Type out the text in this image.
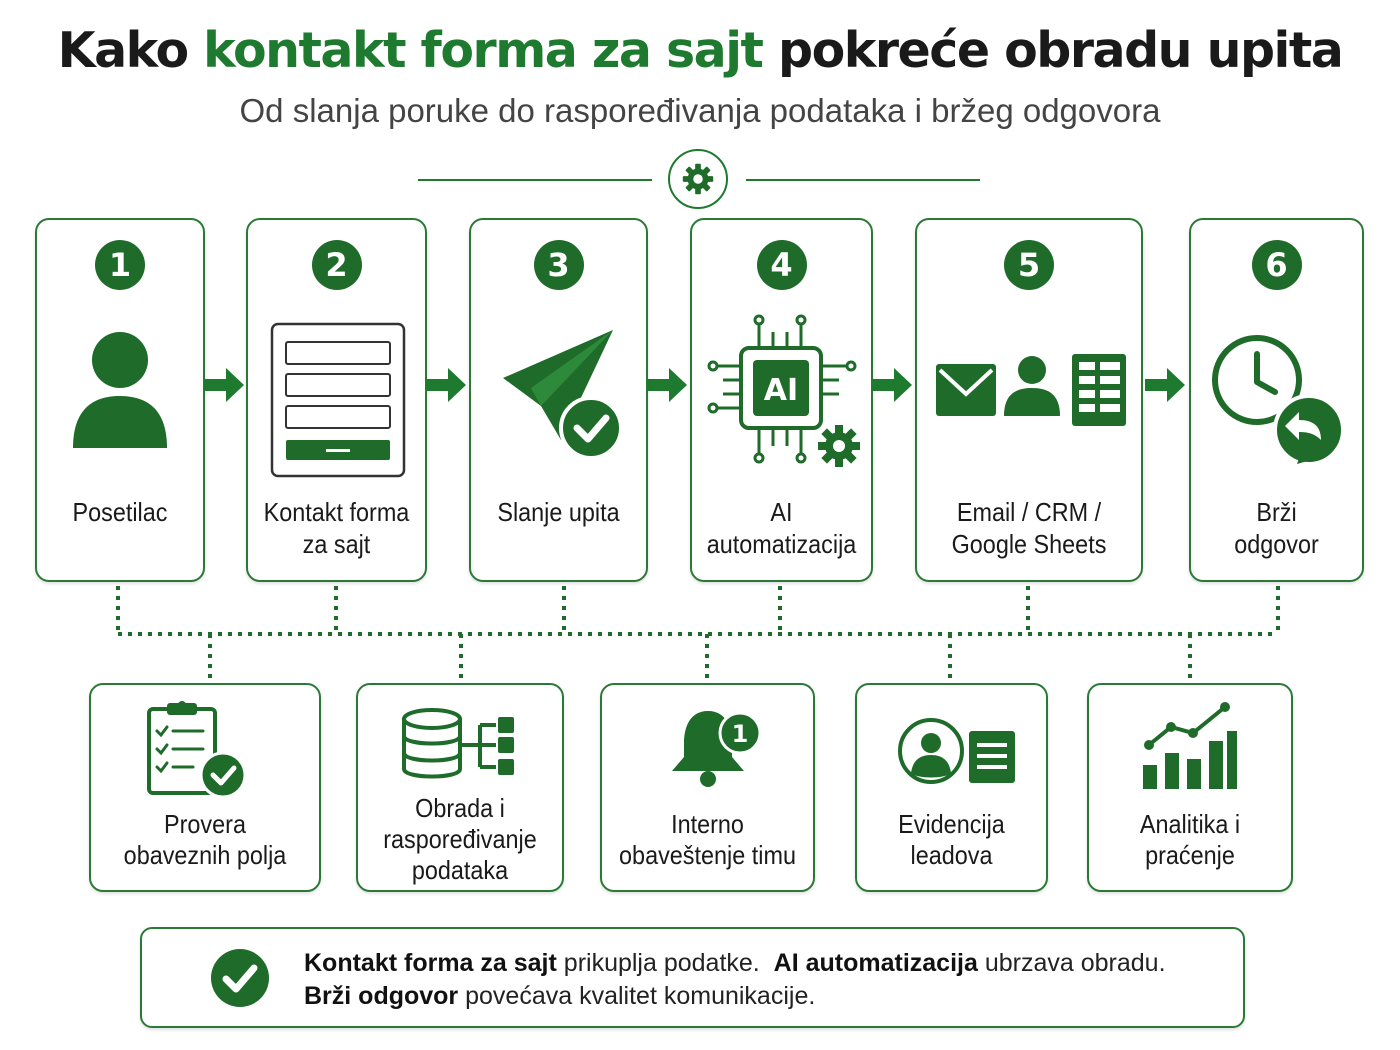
Kako kontakt forma za sajt pokreće obradu upita
Od slanja poruke do raspoređivanja podataka i bržeg odgovora
1
Posetilac
2
Kontakt forma
za sajt
3
Slanje upita
4
AI
AI
automatizacija
5
Email / CRM /
Google Sheets
6
Brži
odgovor
Provera
obaveznih polja
Obrada i
raspoređivanje
podataka
1
Interno
obaveštenje timu
Evidencija
leadova
Analitika i
praćenje
Kontakt forma za sajt prikuplja podatke. AI automatizacija ubrzava obradu.
Brži odgovor povećava kvalitet komunikacije.
